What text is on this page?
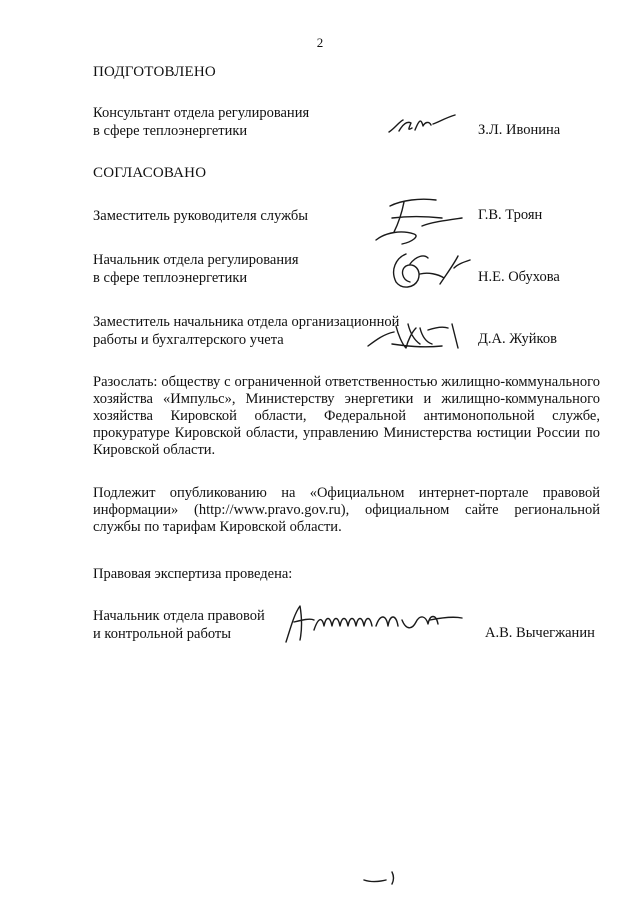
2
ПОДГОТОВЛЕНО
Консультант отдела регулирования
в сфере теплоэнергетики	З.Л. Ивонина
СОГЛАСОВАНО
Заместитель руководителя службы	Г.В. Троян
Начальник отдела регулирования
в сфере теплоэнергетики	Н.Е. Обухова
Заместитель начальника отдела организационной
работы и бухгалтерского учета	Д.А. Жуйков
Разослать: обществу с ограниченной ответственностью жилищно-коммунального хозяйства «Импульс», Министерству энергетики и жилищно-коммунального хозяйства Кировской области, Федеральной антимонопольной службе, прокуратуре Кировской области, управлению Министерства юстиции России по Кировской области.
Подлежит опубликованию на «Официальном интернет-портале правовой информации» (http://www.pravo.gov.ru), официальном сайте региональной службы по тарифам Кировской области.
Правовая экспертиза проведена:
Начальник отдела правовой
и контрольной работы	А.В. Вычегжанин
